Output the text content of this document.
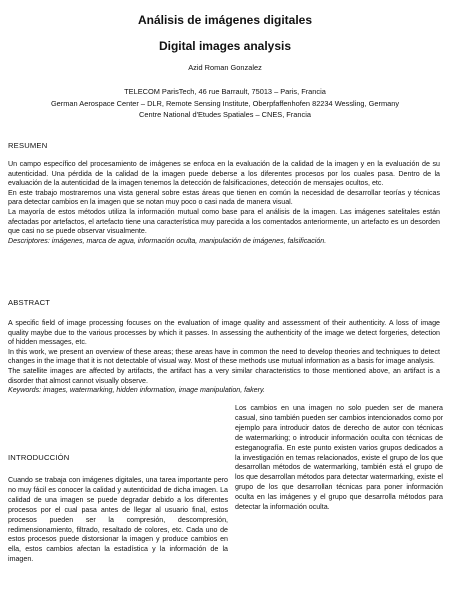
Análisis de imágenes digitales
Digital images analysis
Azid Roman Gonzalez
TELECOM ParisTech, 46 rue Barrault, 75013 – Paris, Francia
German Aerospace Center – DLR, Remote Sensing Institute, Oberpfaffenhofen 82234 Wessling, Germany
Centre National d'Etudes Spatiales – CNES, Francia
RESUMEN

Un campo específico del procesamiento de imágenes se enfoca en la evaluación de la calidad de la imagen y en la evaluación de su autenticidad. Una pérdida de la calidad de la imagen puede deberse a los diferentes procesos por los cuales pasa. Dentro de la evaluación de la autenticidad de la imagen tenemos la detección de falsificaciones, detección de mensajes ocultos, etc.

En este trabajo mostraremos una vista general sobre estas áreas que tienen en común la necesidad de desarrollar teorías y técnicas para detectar cambios en la imagen que se notan muy poco o casi nada de manera visual.

La mayoría de estos métodos utiliza la información mutual como base para el análisis de la imagen. Las imágenes satelitales están afectadas por artefactos, el artefacto tiene una característica muy parecida a los comentados anteriormente, un artefacto es un desorden que casi no se puede observar visualmente.

Descriptores: imágenes, marca de agua, información oculta, manipulación de imágenes, falsificación.

ABSTRACT

A specific field of image processing focuses on the evaluation of image quality and assessment of their authenticity. A loss of image quality maybe due to the various processes by which it passes. In assessing the authenticity of the image we detect forgeries, detection of hidden messages, etc.

In this work, we present an overview of these areas; these areas have in common the need to develop theories and techniques to detect changes in the image that it is not detectable of visual way. Most of these methods use mutual information as a basis for image analysis.

The satellite images are affected by artifacts, the artifact has a very similar characteristics to those mentioned above, an artifact is a disorder that almost cannot visually observe.

Keywords: images, watermarking, hidden information, image manipulation, fakery.

INTRODUCCIÓN

Cuando se trabaja con imágenes digitales, una tarea importante pero no muy fácil es conocer la calidad y autenticidad de dicha imagen. La calidad de una imagen se puede degradar debido a los diferentes procesos por el cual pasa antes de llegar al usuario final, estos procesos pueden ser la compresión, descompresión, redimensionamiento, filtrado, resaltado de colores, etc. Cada uno de estos procesos puede distorsionar la imagen y produce cambios en ella, estos cambios afectan la estadística y la información de la imagen.

Los cambios en una imagen no solo pueden ser de manera casual, sino también pueden ser cambios intencionados como por ejemplo para introducir datos de derecho de autor con técnicas de watermarking; o introducir información oculta con técnicas de esteganografía. En este punto existen varios grupos dedicados a la investigación en temas relacionados, existe el grupo de los que desarrollan métodos de watermarking, también está el grupo de los que desarrollan métodos para detectar watermarking, existe el grupo de los que desarrollan técnicas para poner información oculta en las imágenes y el grupo que desarrolla métodos para detectar la información oculta.
